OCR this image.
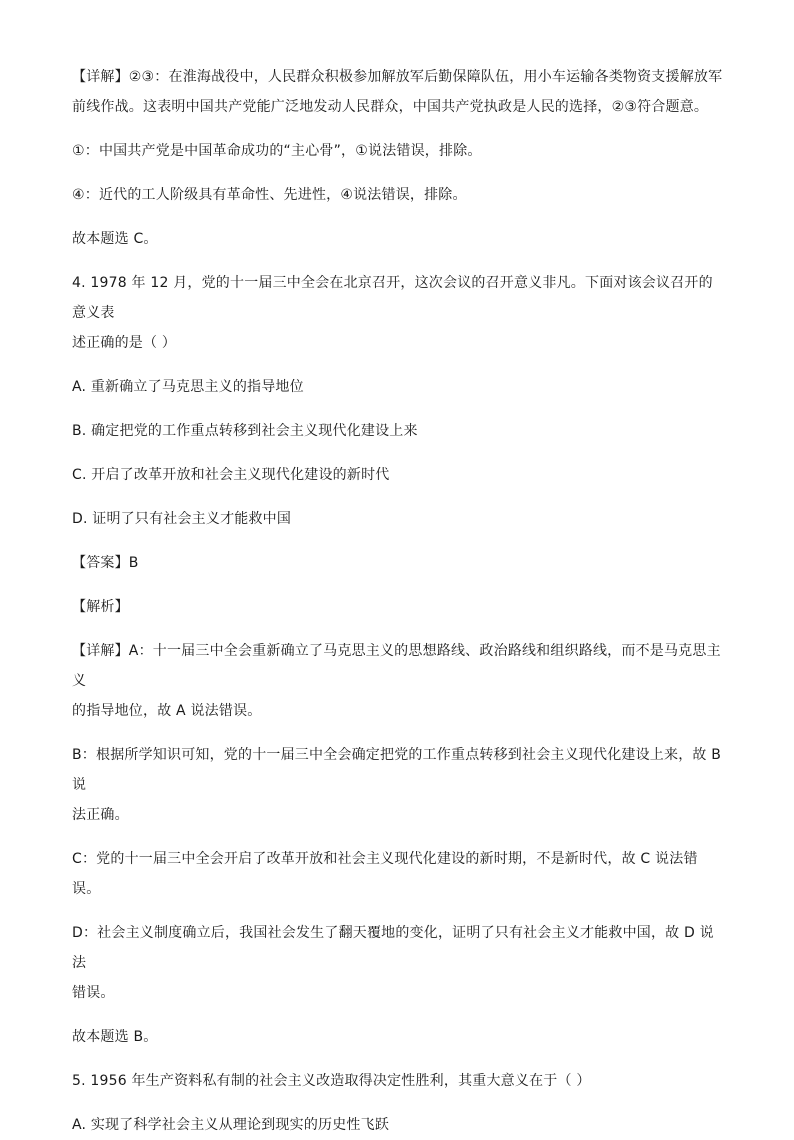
【详解】②③：在淮海战役中，人民群众积极参加解放军后勤保障队伍，用小车运输各类物资支援解放军

前线作战。这表明中国共产党能广泛地发动人民群众，中国共产党执政是人民的选择，②③符合题意。

①：中国共产党是中国革命成功的“主心骨”，①说法错误，排除。

④：近代的工人阶级具有革命性、先进性，④说法错误，排除。

故本题选 C。

4. 1978 年 12 月，党的十一届三中全会在北京召开，这次会议的召开意义非凡。下面对该会议召开的意义表

述正确的是（ ）

A. 重新确立了马克思主义的指导地位

B. 确定把党的工作重点转移到社会主义现代化建设上来

C. 开启了改革开放和社会主义现代化建设的新时代

D. 证明了只有社会主义才能救中国

【答案】B

【解析】

【详解】A：十一届三中全会重新确立了马克思主义的思想路线、政治路线和组织路线，而不是马克思主义

的指导地位，故 A 说法错误。

B：根据所学知识可知，党的十一届三中全会确定把党的工作重点转移到社会主义现代化建设上来，故 B 说

法正确。

C：党的十一届三中全会开启了改革开放和社会主义现代化建设的新时期，不是新时代，故 C 说法错误。

D：社会主义制度确立后，我国社会发生了翻天覆地的变化，证明了只有社会主义才能救中国，故 D 说法

错误。

故本题选 B。

5. 1956 年生产资料私有制的社会主义改造取得决定性胜利，其重大意义在于（ ）

A. 实现了科学社会主义从理论到现实的历史性飞跃
